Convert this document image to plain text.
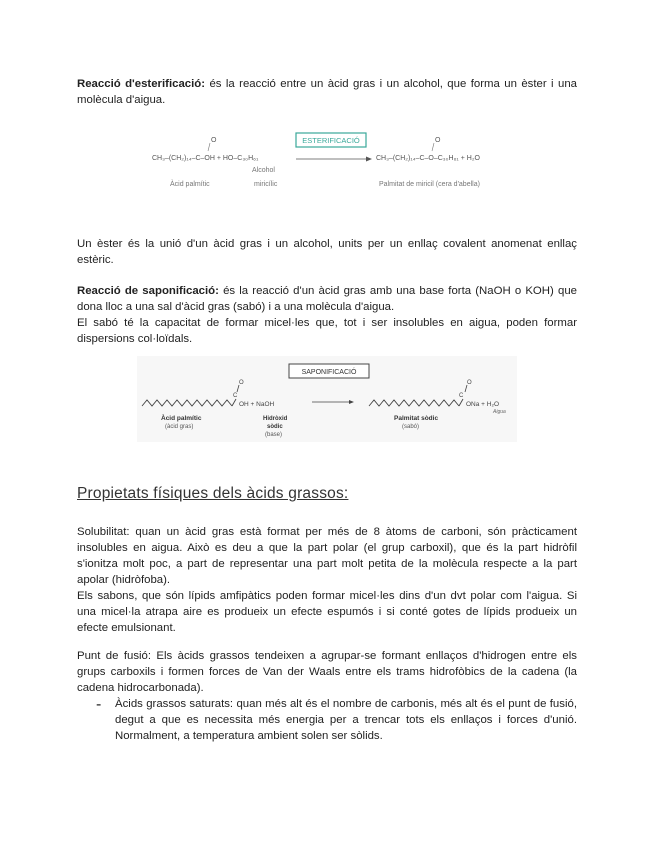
Reacció d'esterificació: és la reacció entre un àcid gras i un alcohol, que forma un èster i una molècula d'aigua.

ESTERIFICACIÓ
O
CH₃–(CH₂)₁₄–C–OH + HO–C₃₀H₆₁
Àcid palmític
Alcohol
miricílic
O
CH₃–(CH₂)₁₄–C–O–C₃₀H₆₁ + H₂O
Palmitat de miricil (cera d'abella)

Un èster és la unió d'un àcid gras i un alcohol, units per un enllaç covalent anomenat enllaç estèric.

Reacció de saponificació: és la reacció d'un àcid gras amb una base forta (NaOH o KOH) que dona lloc a una sal d'àcid gras (sabó) i a una molècula d'aigua.

El sabó té la capacitat de formar micel·les que, tot i ser insolubles en aigua, poden formar dispersions col·loïdals.

SAPONIFICACIÓ
C
O
OH + NaOH
Àcid palmític
(àcid gras)
Hidròxid
sòdic
(base)
C
O
ONa + H₂O
Aigua
Palmitat sòdic
(sabó)
Propietats físiques dels àcids grassos:

Solubilitat: quan un àcid gras està format per més de 8 àtoms de carboni, són pràcticament insolubles en aigua. Això es deu a que la part polar (el grup carboxil), que és la part hidròfil s'ionitza molt poc, a part de representar una part molt petita de la molècula respecte a la part apolar (hidròfoba).

Els sabons, que són lípids amfipàtics poden formar micel·les dins d'un dvt polar com l'aigua. Si una micel·la atrapa aire es produeix un efecte espumós i si conté gotes de lípids produeix un efecte emulsionant.

Punt de fusió: Els àcids grassos tendeixen a agrupar-se formant enllaços d'hidrogen entre els grups carboxils i formen forces de Van der Waals entre els trams hidrofòbics de la cadena (la cadena hidrocarbonada).

- Àcids grassos saturats: quan més alt és el nombre de carbonis, més alt és el punt de fusió, degut a que es necessita més energia per a trencar tots els enllaços i forces d'unió. Normalment, a temperatura ambient solen ser sòlids.
